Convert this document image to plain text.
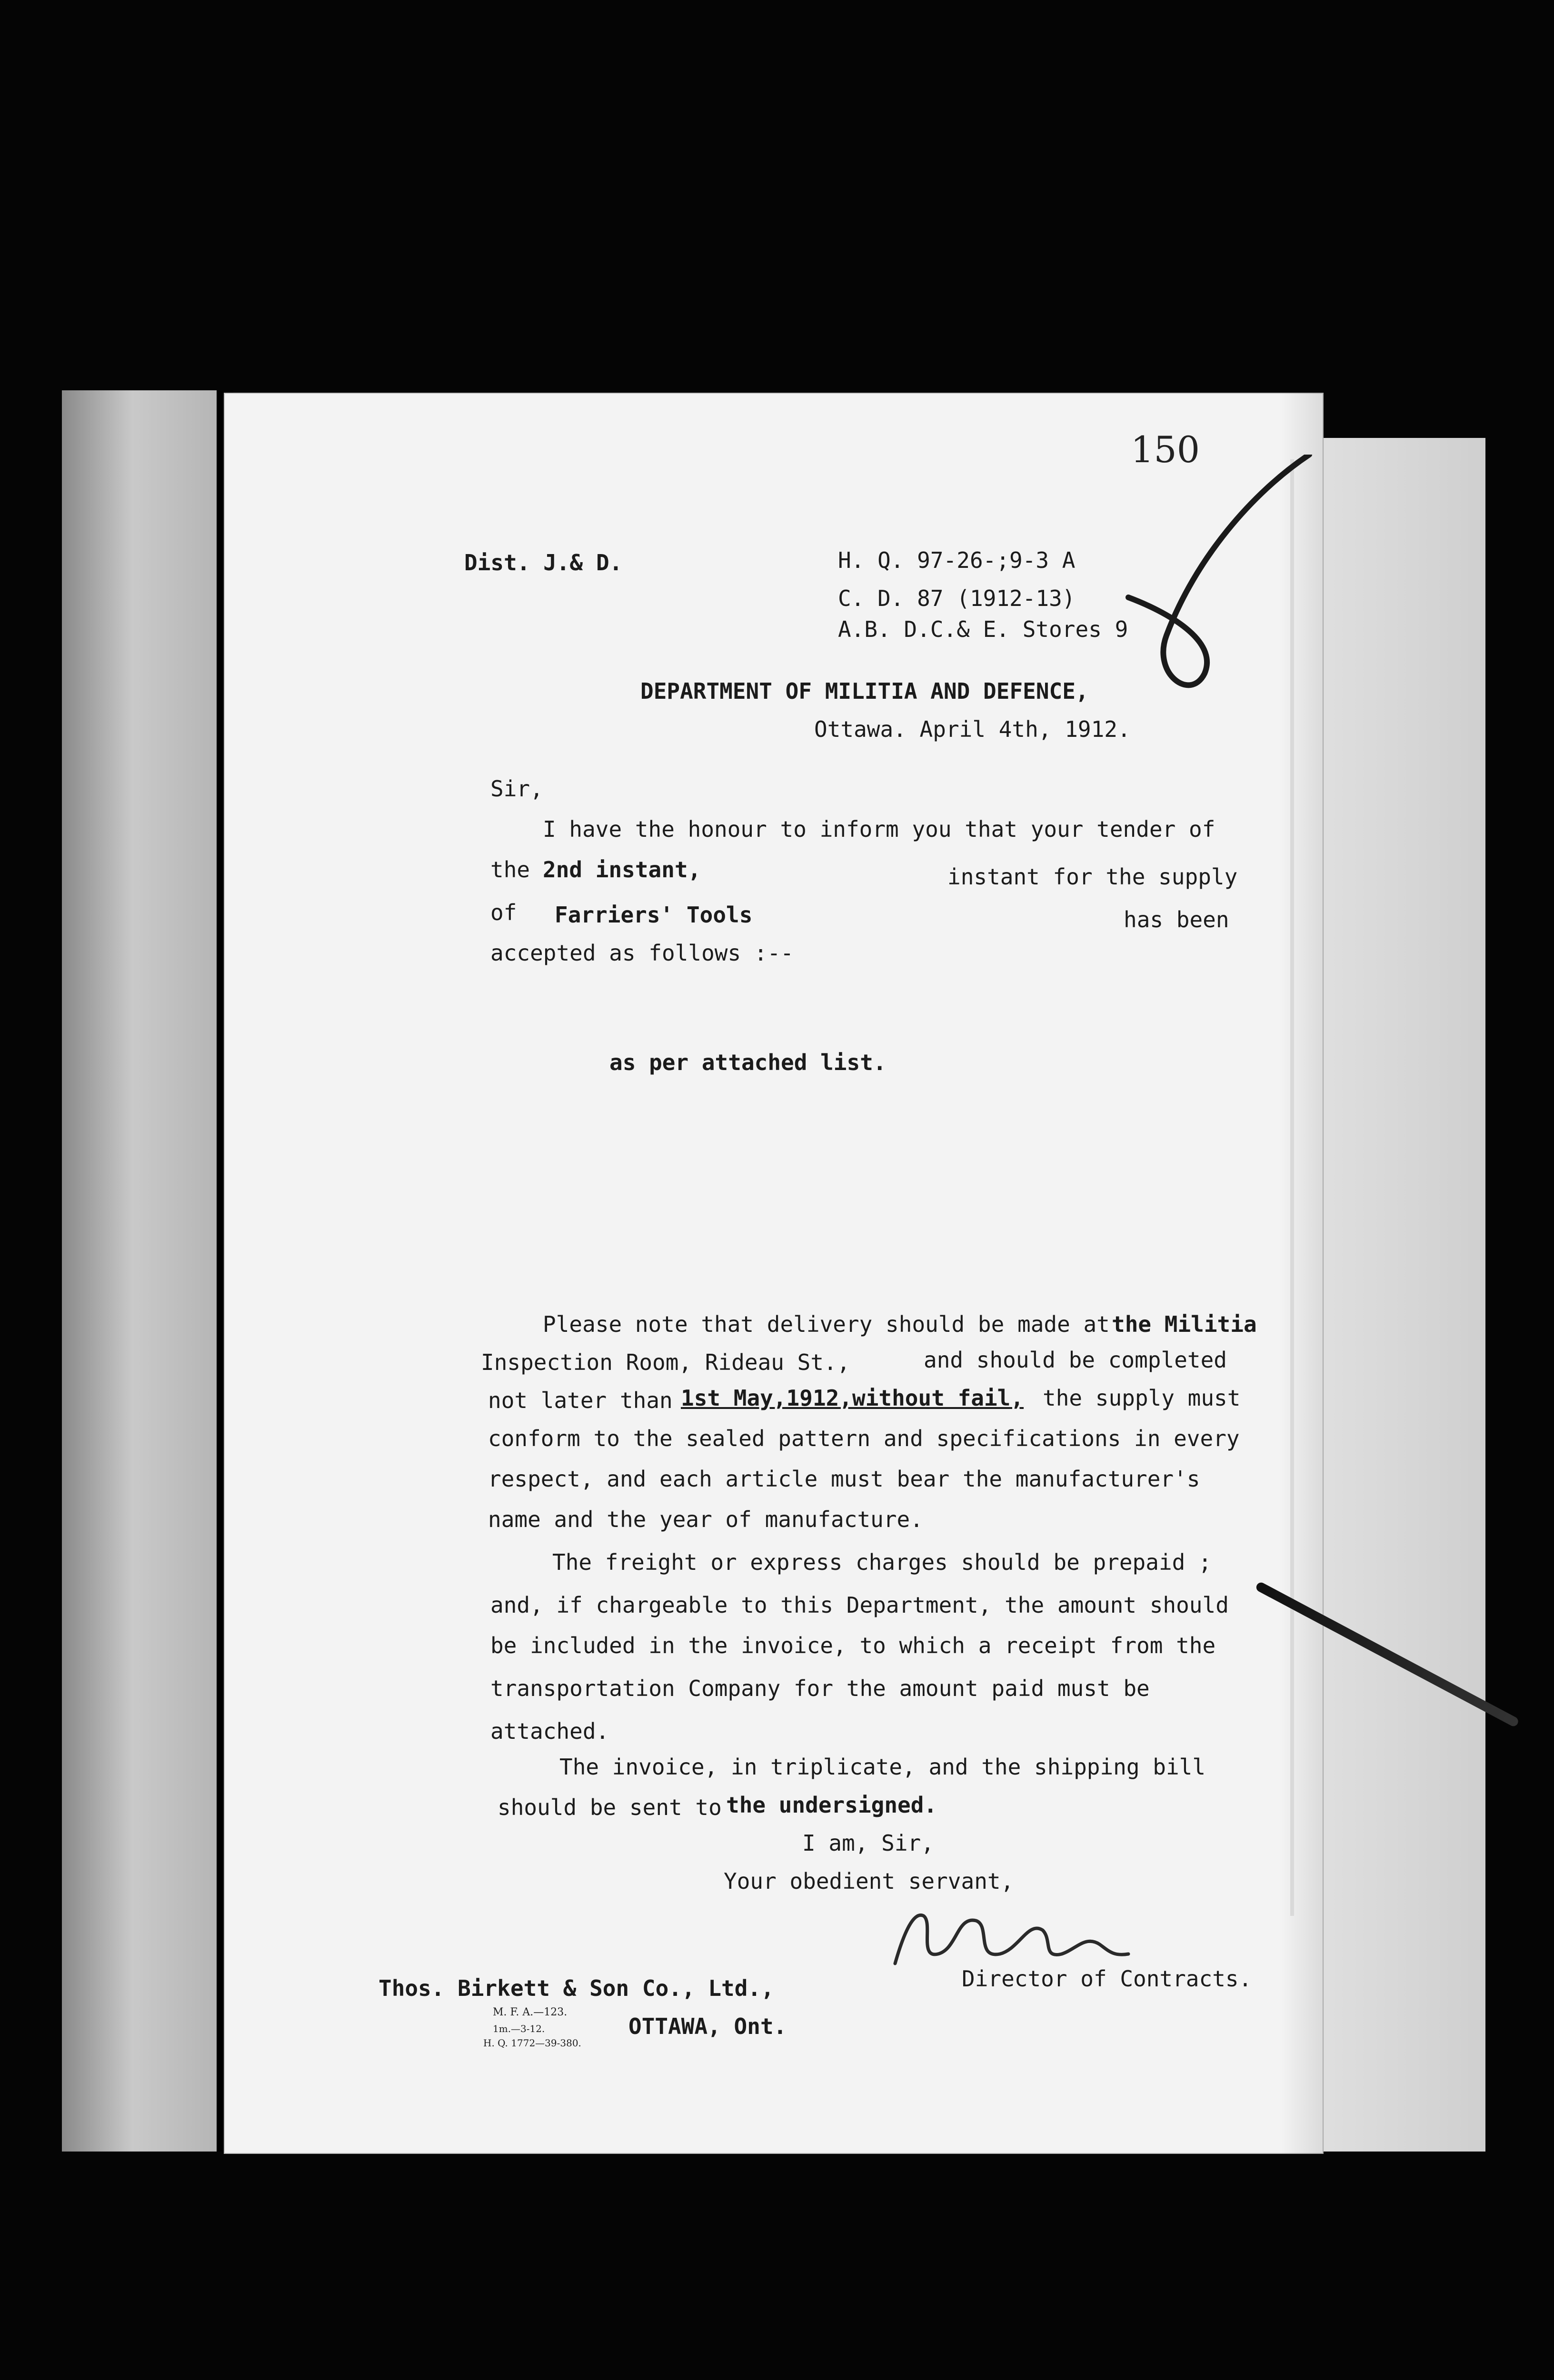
150
Dist. J.& D.	H. Q. 97-26-;9-3 A
C. D. 87 (1912-13)
A.B. D.C.& E. Stores 9
DEPARTMENT OF MILITIA AND DEFENCE,
Ottawa. April 4th, 1912.
Sir,
I have the honour to inform you that your tender of
the 2nd instant,	instant for the supply
of Farriers' Tools	has been
accepted as follows :--
as per attached list.
Please note that delivery should be made at the Militia
Inspection Room, Rideau St.,	and should be completed
not later than 1st May,1912,without fail, the supply must
conform to the sealed pattern and specifications in every
respect, and each article must bear the manufacturer's
name and the year of manufacture.
The freight or express charges should be prepaid ;
and, if chargeable to this Department, the amount should
be included in the invoice, to which a receipt from the
transportation Company for the amount paid must be
attached.
The invoice, in triplicate, and the shipping bill
should be sent to the undersigned.
I am, Sir,
Your obedient servant,
Director of Contracts.
Thos. Birkett & Son Co., Ltd.,
M. F. A.—123.
1m.—3-12.
H. Q. 1772—39-380.
OTTAWA, Ont.
